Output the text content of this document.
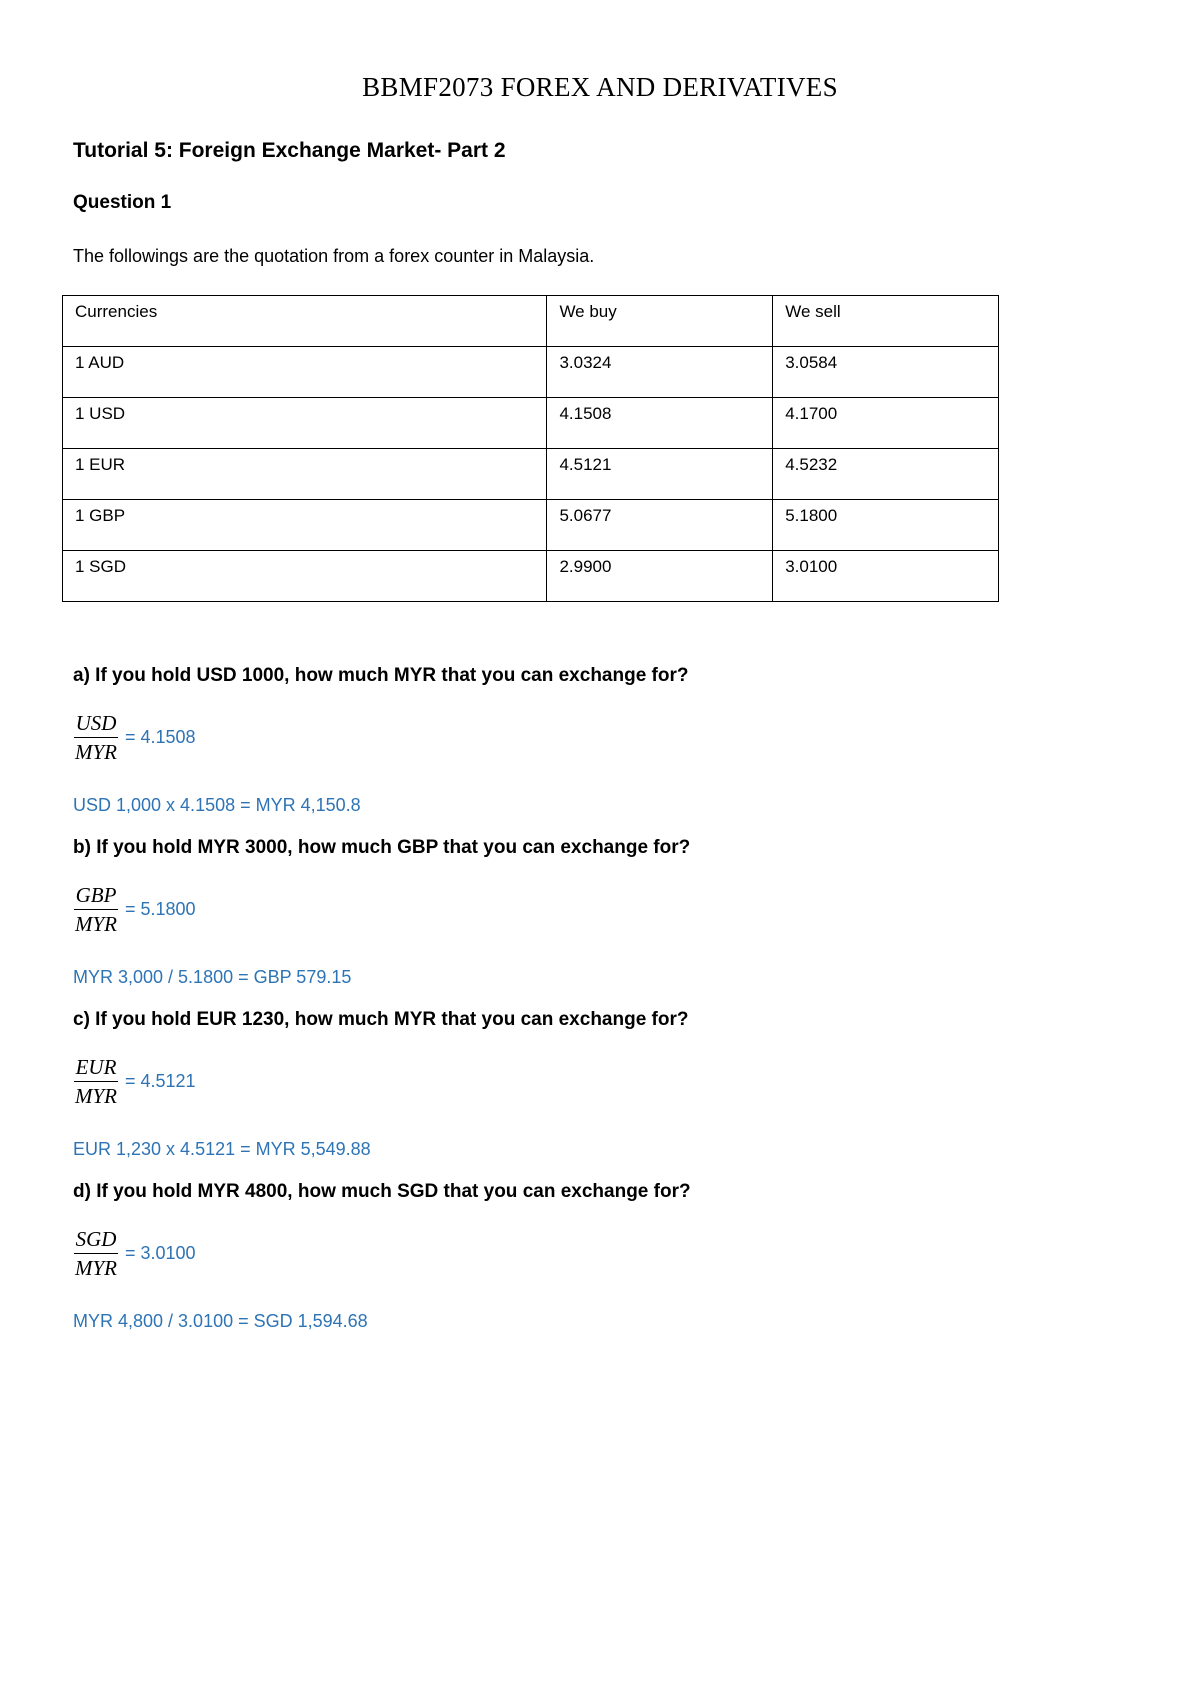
BBMF2073 FOREX AND DERIVATIVES
Tutorial 5: Foreign Exchange Market- Part 2
Question 1

The followings are the quotation from a forex counter in Malaysia.

Currencies	We buy	We sell
1 AUD	3.0324	3.0584
1 USD	4.1508	4.1700
1 EUR	4.5121	4.5232
1 GBP	5.0677	5.1800
1 SGD	2.9900	3.0100

a) If you hold USD 1000, how much MYR that you can exchange for?

$\frac{\text{USD}}{\text{MYR}} = 4.1508$

USD 1,000 x 4.1508 = MYR 4,150.8

b) If you hold MYR 3000, how much GBP that you can exchange for?

$\frac{\text{GBP}}{\text{MYR}} = 5.1800$

MYR 3,000 / 5.1800 = GBP 579.15

c) If you hold EUR 1230, how much MYR that you can exchange for?

$\frac{\text{EUR}}{\text{MYR}} = 4.5121$

EUR 1,230 x 4.5121 = MYR 5,549.88

d) If you hold MYR 4800, how much SGD that you can exchange for?

$\frac{\text{SGD}}{\text{MYR}} = 3.0100$

MYR 4,800 / 3.0100 = SGD 1,594.68
